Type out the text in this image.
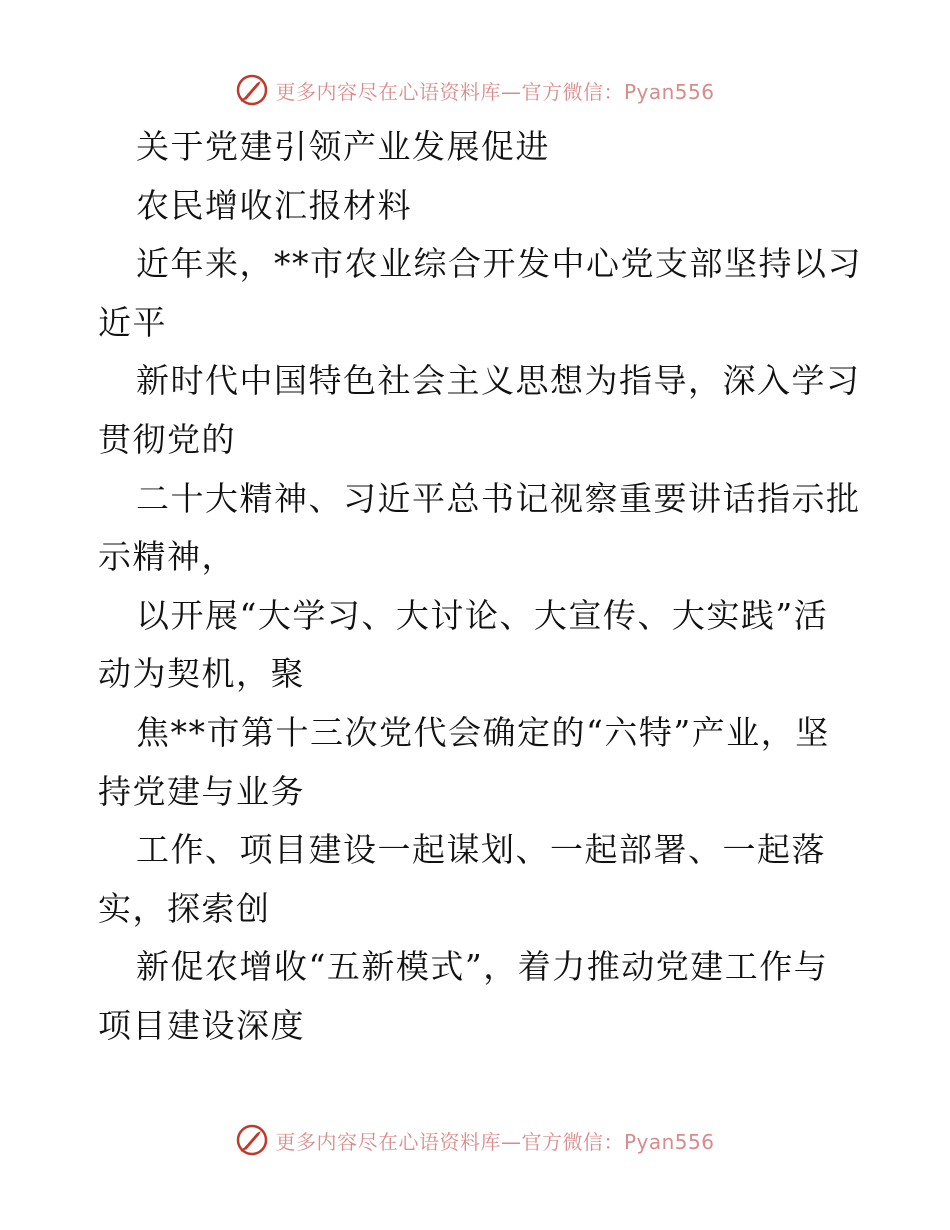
更多内容尽在心语资料库—官方微信：Pyan556
关于党建引领产业发展促进
农民增收汇报材料
近年来，**市农业综合开发中心党支部坚持以习
近平
新时代中国特色社会主义思想为指导，深入学习
贯彻党的
二十大精神、习近平总书记视察重要讲话指示批
示精神，
以开展“大学习、大讨论、大宣传、大实践”活
动为契机，聚
焦**市第十三次党代会确定的“六特”产业，坚
持党建与业务
工作、项目建设一起谋划、一起部署、一起落
实，探索创
新促农增收“五新模式”，着力推动党建工作与
项目建设深度
更多内容尽在心语资料库—官方微信：Pyan556
